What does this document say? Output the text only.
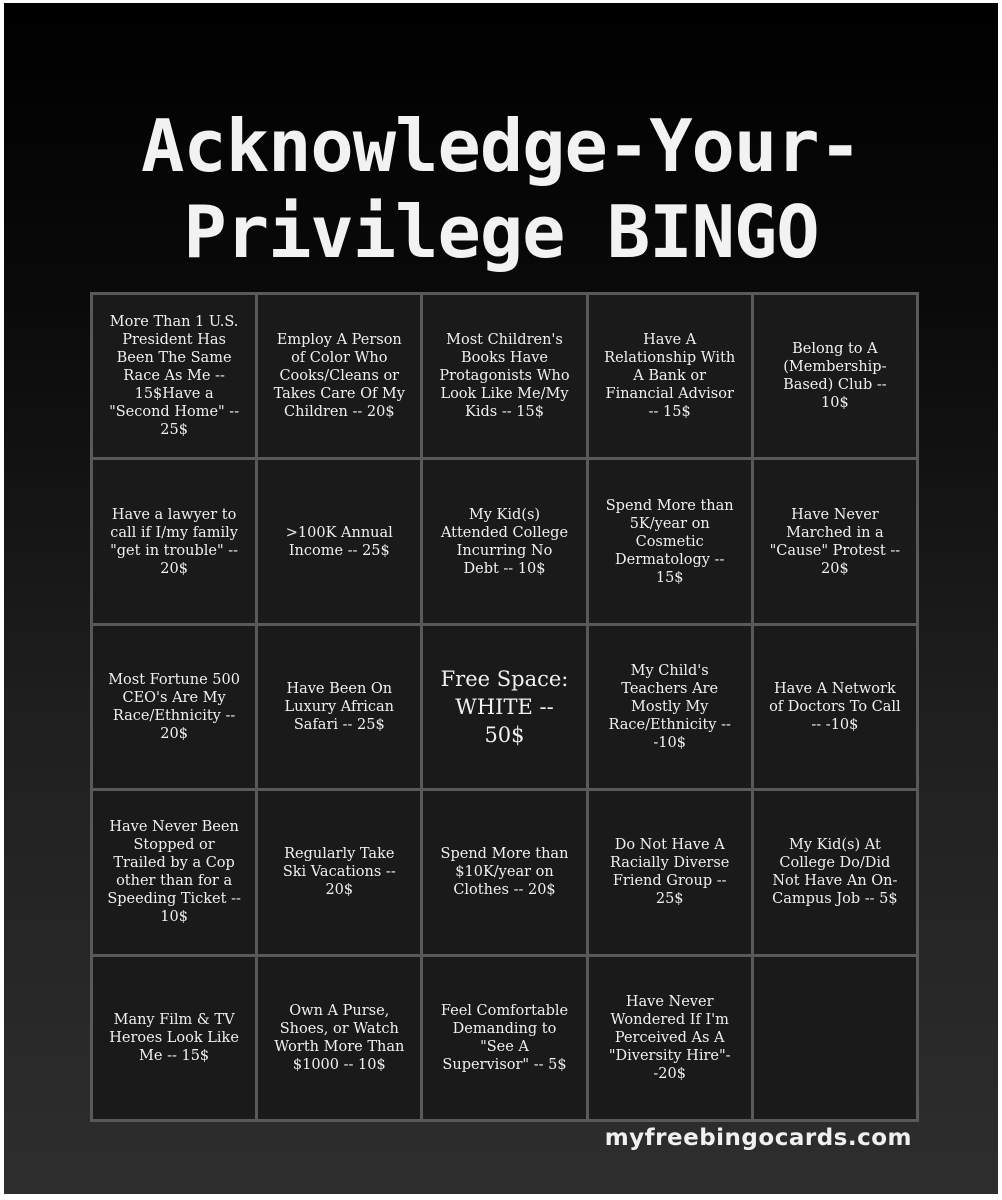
Acknowledge-Your-
Privilege BINGO
More Than 1 U.S. President Has Been The Same Race As Me -- 15$Have a "Second Home" -- 25$
Employ A Person of Color Who Cooks/Cleans or Takes Care Of My Children -- 20$
Most Children's Books Have Protagonists Who Look Like Me/My Kids -- 15$
Have A Relationship With A Bank or Financial Advisor -- 15$
Belong to A (Membership-Based) Club -- 10$
Have a lawyer to call if I/my family "get in trouble" -- 20$
>100K Annual Income -- 25$
My Kid(s) Attended College Incurring No Debt -- 10$
Spend More than 5K/year on Cosmetic Dermatology -- 15$
Have Never Marched in a "Cause" Protest -- 20$
Most Fortune 500 CEO's Are My Race/Ethnicity -- 20$
Have Been On Luxury African Safari -- 25$
Free Space: WHITE -- 50$
My Child's Teachers Are Mostly My Race/Ethnicity -- -10$
Have A Network of Doctors To Call -- -10$
Have Never Been Stopped or Trailed by a Cop other than for a Speeding Ticket -- 10$
Regularly Take Ski Vacations -- 20$
Spend More than $10K/year on Clothes -- 20$
Do Not Have A Racially Diverse Friend Group -- 25$
My Kid(s) At College Do/Did Not Have An On-Campus Job -- 5$
Many Film & TV Heroes Look Like Me -- 15$
Own A Purse, Shoes, or Watch Worth More Than $1000 -- 10$
Feel Comfortable Demanding to "See A Supervisor" -- 5$
Have Never Wondered If I'm Perceived As A "Diversity Hire"--20$
myfreebingocards.com
